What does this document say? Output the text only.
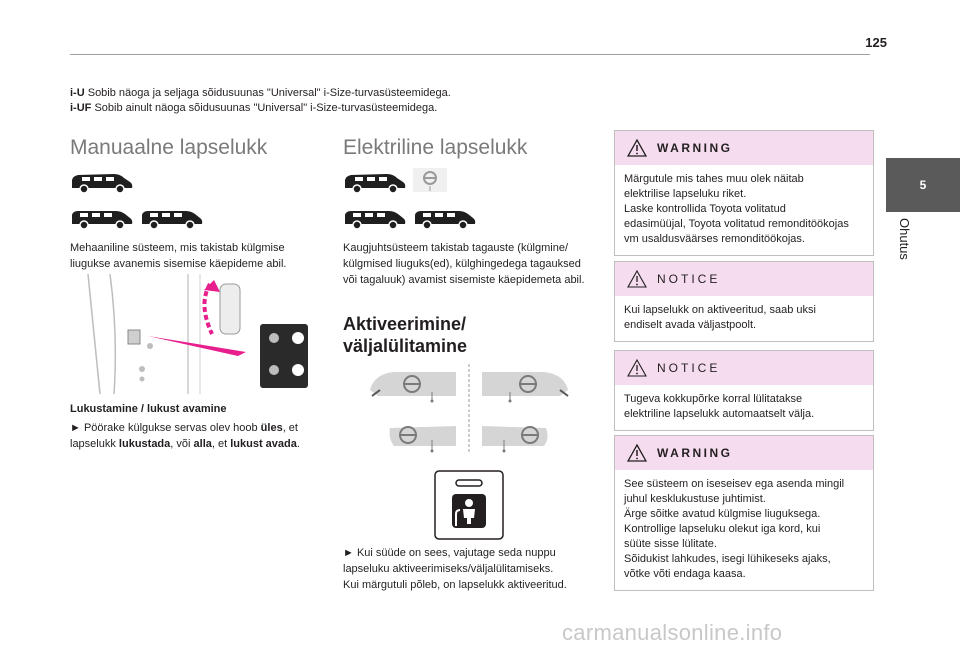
125
5
Ohutus
i-U Sobib näoga ja seljaga sõidusuunas "Universal" i-Size-turvasüsteemidega.
i-UF Sobib ainult näoga sõidusuunas "Universal" i-Size-turvasüsteemidega.
Manuaalne lapselukk
Mehaaniline süsteem, mis takistab külgmise liugukse avanemis sisemise käepideme abil.
Lukustamine / lukust avamine
► Pöörake külgukse servas olev hoob üles, et lapselukk lukustada, või alla, et lukust avada.
Elektriline lapselukk
Kaugjuhtsüsteem takistab tagauste (külgmine/ külgmised liuguks(ed), külghingedega tagauksed või tagaluuk) avamist sisemiste käepidemeta abil.
Aktiveerimine/
väljalülitamine
► Kui süüde on sees, vajutage seda nuppu
lapseluku aktiveerimiseks/väljalülitamiseks.
Kui märgutuli põleb, on lapselukk aktiveeritud.
WARNING
Märgutule mis tahes muu olek näitab
elektrilise lapseluku riket.
Laske kontrollida Toyota volitatud
edasimüüjal, Toyota volitatud remonditöökojas
vm usaldusväärses remonditöökojas.
NOTICE
Kui lapselukk on aktiveeritud, saab uksi
endiselt avada väljastpoolt.
NOTICE
Tugeva kokkupõrke korral lülitatakse
elektriline lapselukk automaatselt välja.
WARNING
See süsteem on iseseisev ega asenda mingil
juhul kesklukustuse juhtimist.
Ärge sõitke avatud külgmise liuguksega.
Kontrollige lapseluku olekut iga kord, kui
süüte sisse lülitate.
Sõidukist lahkudes, isegi lühikeseks ajaks,
võtke võti endaga kaasa.
carmanualsonline.info
